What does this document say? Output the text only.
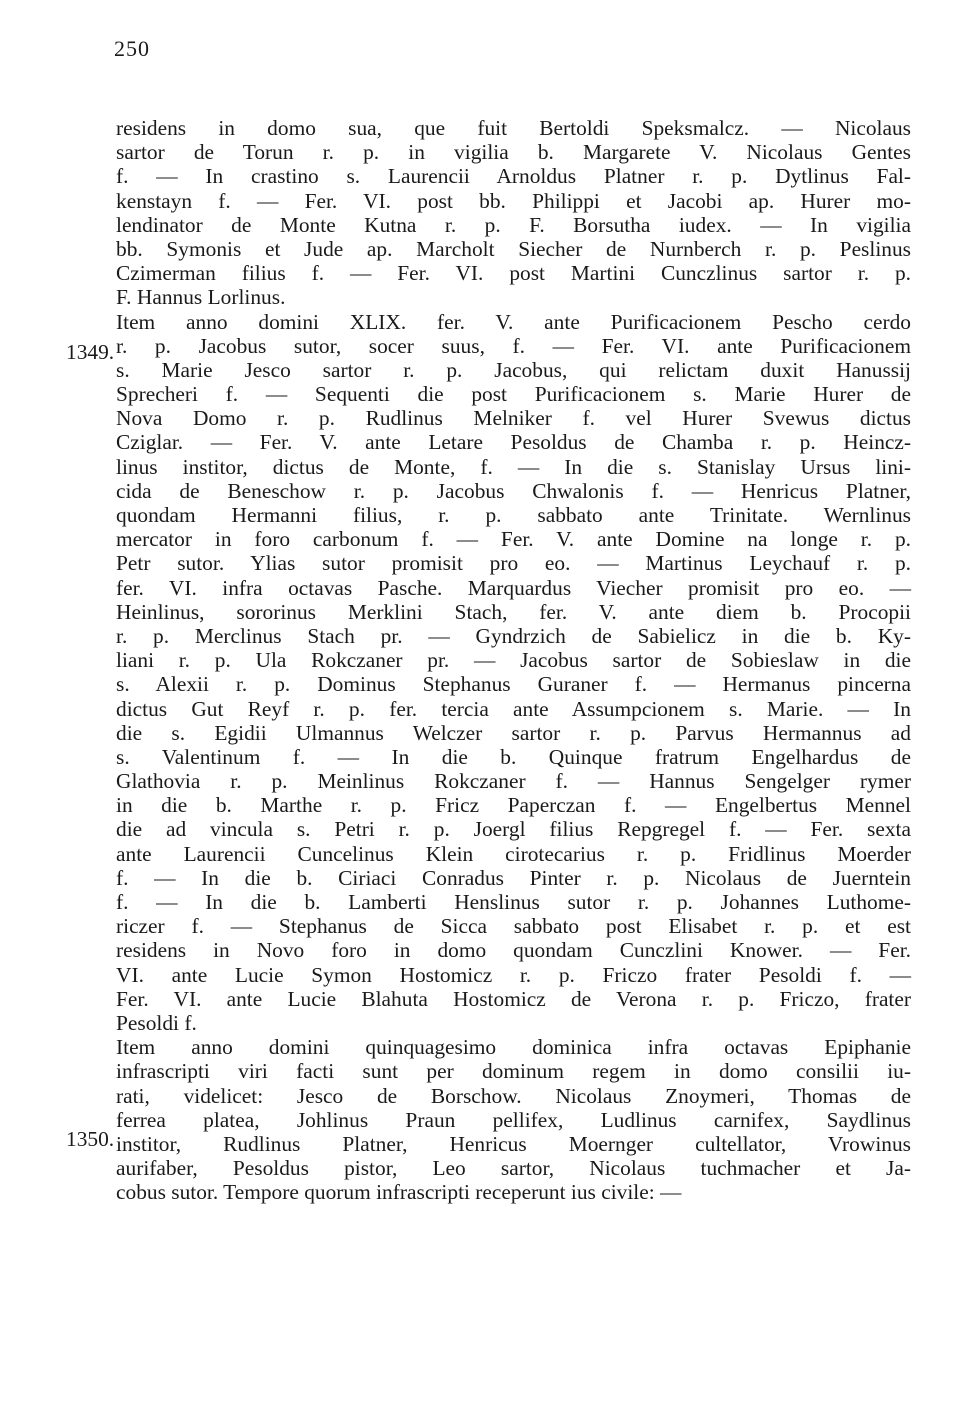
250
1349.
1350.
residens in domo sua, que fuit Bertoldi Speksmalcz. — Nicolaus
sartor de Torun r. p. in vigilia b. Margarete V. Nicolaus Gentes
f. — In crastino s. Laurencii Arnoldus Platner r. p. Dytlinus Fal-
kenstayn f. — Fer. VI. post bb. Philippi et Jacobi ap. Hurer mo-
lendinator de Monte Kutna r. p. F. Borsutha iudex. — In vigilia
bb. Symonis et Jude ap. Marcholt Siecher de Nurnberch r. p. Peslinus
Czimerman filius f. — Fer. VI. post Martini Cunczlinus sartor r. p.
F. Hannus Lorlinus.
Item anno domini XLIX. fer. V. ante Purificacionem Pescho cerdo
r. p. Jacobus sutor, socer suus, f. — Fer. VI. ante Purificacionem
s. Marie Jesco sartor r. p. Jacobus, qui relictam duxit Hanussij
Sprecheri f. — Sequenti die post Purificacionem s. Marie Hurer de
Nova Domo r. p. Rudlinus Melniker f. vel Hurer Svewus dictus
Cziglar. — Fer. V. ante Letare Pesoldus de Chamba r. p. Heincz-
linus institor, dictus de Monte, f. — In die s. Stanislay Ursus lini-
cida de Beneschow r. p. Jacobus Chwalonis f. — Henricus Platner,
quondam Hermanni filius, r. p. sabbato ante Trinitate. Wernlinus
mercator in foro carbonum f. — Fer. V. ante Domine na longe r. p.
Petr sutor. Ylias sutor promisit pro eo. — Martinus Leychauf r. p.
fer. VI. infra octavas Pasche. Marquardus Viecher promisit pro eo. —
Heinlinus, sororinus Merklini Stach, fer. V. ante diem b. Procopii
r. p. Merclinus Stach pr. — Gyndrzich de Sabielicz in die b. Ky-
liani r. p. Ula Rokczaner pr. — Jacobus sartor de Sobieslaw in die
s. Alexii r. p. Dominus Stephanus Guraner f. — Hermanus pincerna
dictus Gut Reyf r. p. fer. tercia ante Assumpcionem s. Marie. — In
die s. Egidii Ulmannus Welczer sartor r. p. Parvus Hermannus ad
s. Valentinum f. — In die b. Quinque fratrum Engelhardus de
Glathovia r. p. Meinlinus Rokczaner f. — Hannus Sengelger rymer
in die b. Marthe r. p. Fricz Paperczan f. — Engelbertus Mennel
die ad vincula s. Petri r. p. Joergl filius Repgregel f. — Fer. sexta
ante Laurencii Cuncelinus Klein cirotecarius r. p. Fridlinus Moerder
f. — In die b. Ciriaci Conradus Pinter r. p. Nicolaus de Juerntein
f. — In die b. Lamberti Henslinus sutor r. p. Johannes Luthome-
riczer f. — Stephanus de Sicca sabbato post Elisabet r. p. et est
residens in Novo foro in domo quondam Cunczlini Knower. — Fer.
VI. ante Lucie Symon Hostomicz r. p. Friczo frater Pesoldi f. —
Fer. VI. ante Lucie Blahuta Hostomicz de Verona r. p. Friczo, frater
Pesoldi f.
Item anno domini quinquagesimo dominica infra octavas Epiphanie
infrascripti viri facti sunt per dominum regem in domo consilii iu-
rati, videlicet: Jesco de Borschow. Nicolaus Znoymeri, Thomas de
ferrea platea, Johlinus Praun pellifex, Ludlinus carnifex, Saydlinus
institor, Rudlinus Platner, Henricus Moernger cultellator, Vrowinus
aurifaber, Pesoldus pistor, Leo sartor, Nicolaus tuchmacher et Ja-
cobus sutor. Tempore quorum infrascripti receperunt ius civile: —
